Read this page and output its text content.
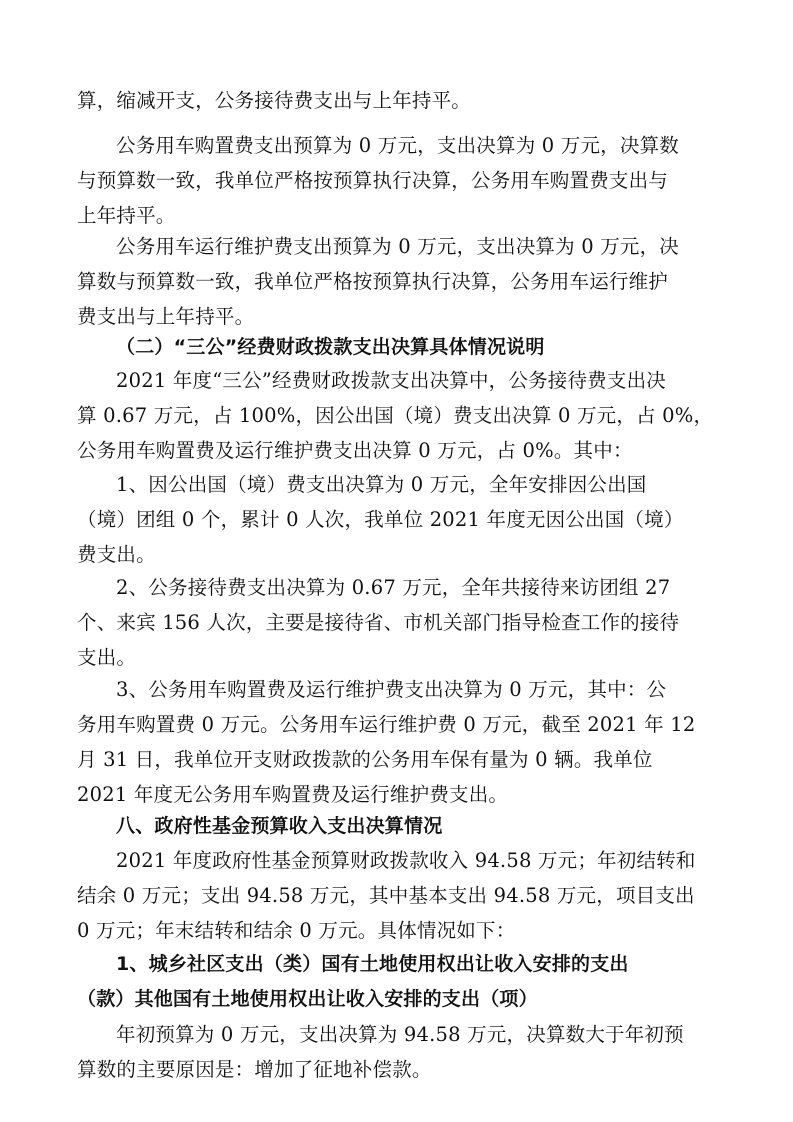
算，缩减开支，公务接待费支出与上年持平。
公务用车购置费支出预算为 0 万元，支出决算为 0 万元，决算数
与预算数一致，我单位严格按预算执行决算，公务用车购置费支出与
上年持平。
公务用车运行维护费支出预算为 0 万元，支出决算为 0 万元，决
算数与预算数一致，我单位严格按预算执行决算，公务用车运行维护
费支出与上年持平。
（二）“三公”经费财政拨款支出决算具体情况说明
2021 年度“三公”经费财政拨款支出决算中，公务接待费支出决
算 0.67 万元，占 100%，因公出国（境）费支出决算 0 万元，占 0%，
公务用车购置费及运行维护费支出决算 0 万元，占 0%。其中：
1、因公出国（境）费支出决算为 0 万元，全年安排因公出国
（境）团组 0 个，累计 0 人次，我单位 2021 年度无因公出国（境）
费支出。
2、公务接待费支出决算为 0.67 万元，全年共接待来访团组 27
个、来宾 156 人次，主要是接待省、市机关部门指导检查工作的接待
支出。
3、公务用车购置费及运行维护费支出决算为 0 万元，其中：公
务用车购置费 0 万元。公务用车运行维护费 0 万元，截至 2021 年 12
月 31 日，我单位开支财政拨款的公务用车保有量为 0 辆。我单位
2021 年度无公务用车购置费及运行维护费支出。
八、政府性基金预算收入支出决算情况
2021 年度政府性基金预算财政拨款收入 94.58 万元；年初结转和
结余 0 万元；支出 94.58 万元，其中基本支出 94.58 万元，项目支出
0 万元；年末结转和结余 0 万元。具体情况如下：
1、城乡社区支出（类）国有土地使用权出让收入安排的支出
（款）其他国有土地使用权出让收入安排的支出（项）
年初预算为 0 万元，支出决算为 94.58 万元，决算数大于年初预
算数的主要原因是：增加了征地补偿款。
